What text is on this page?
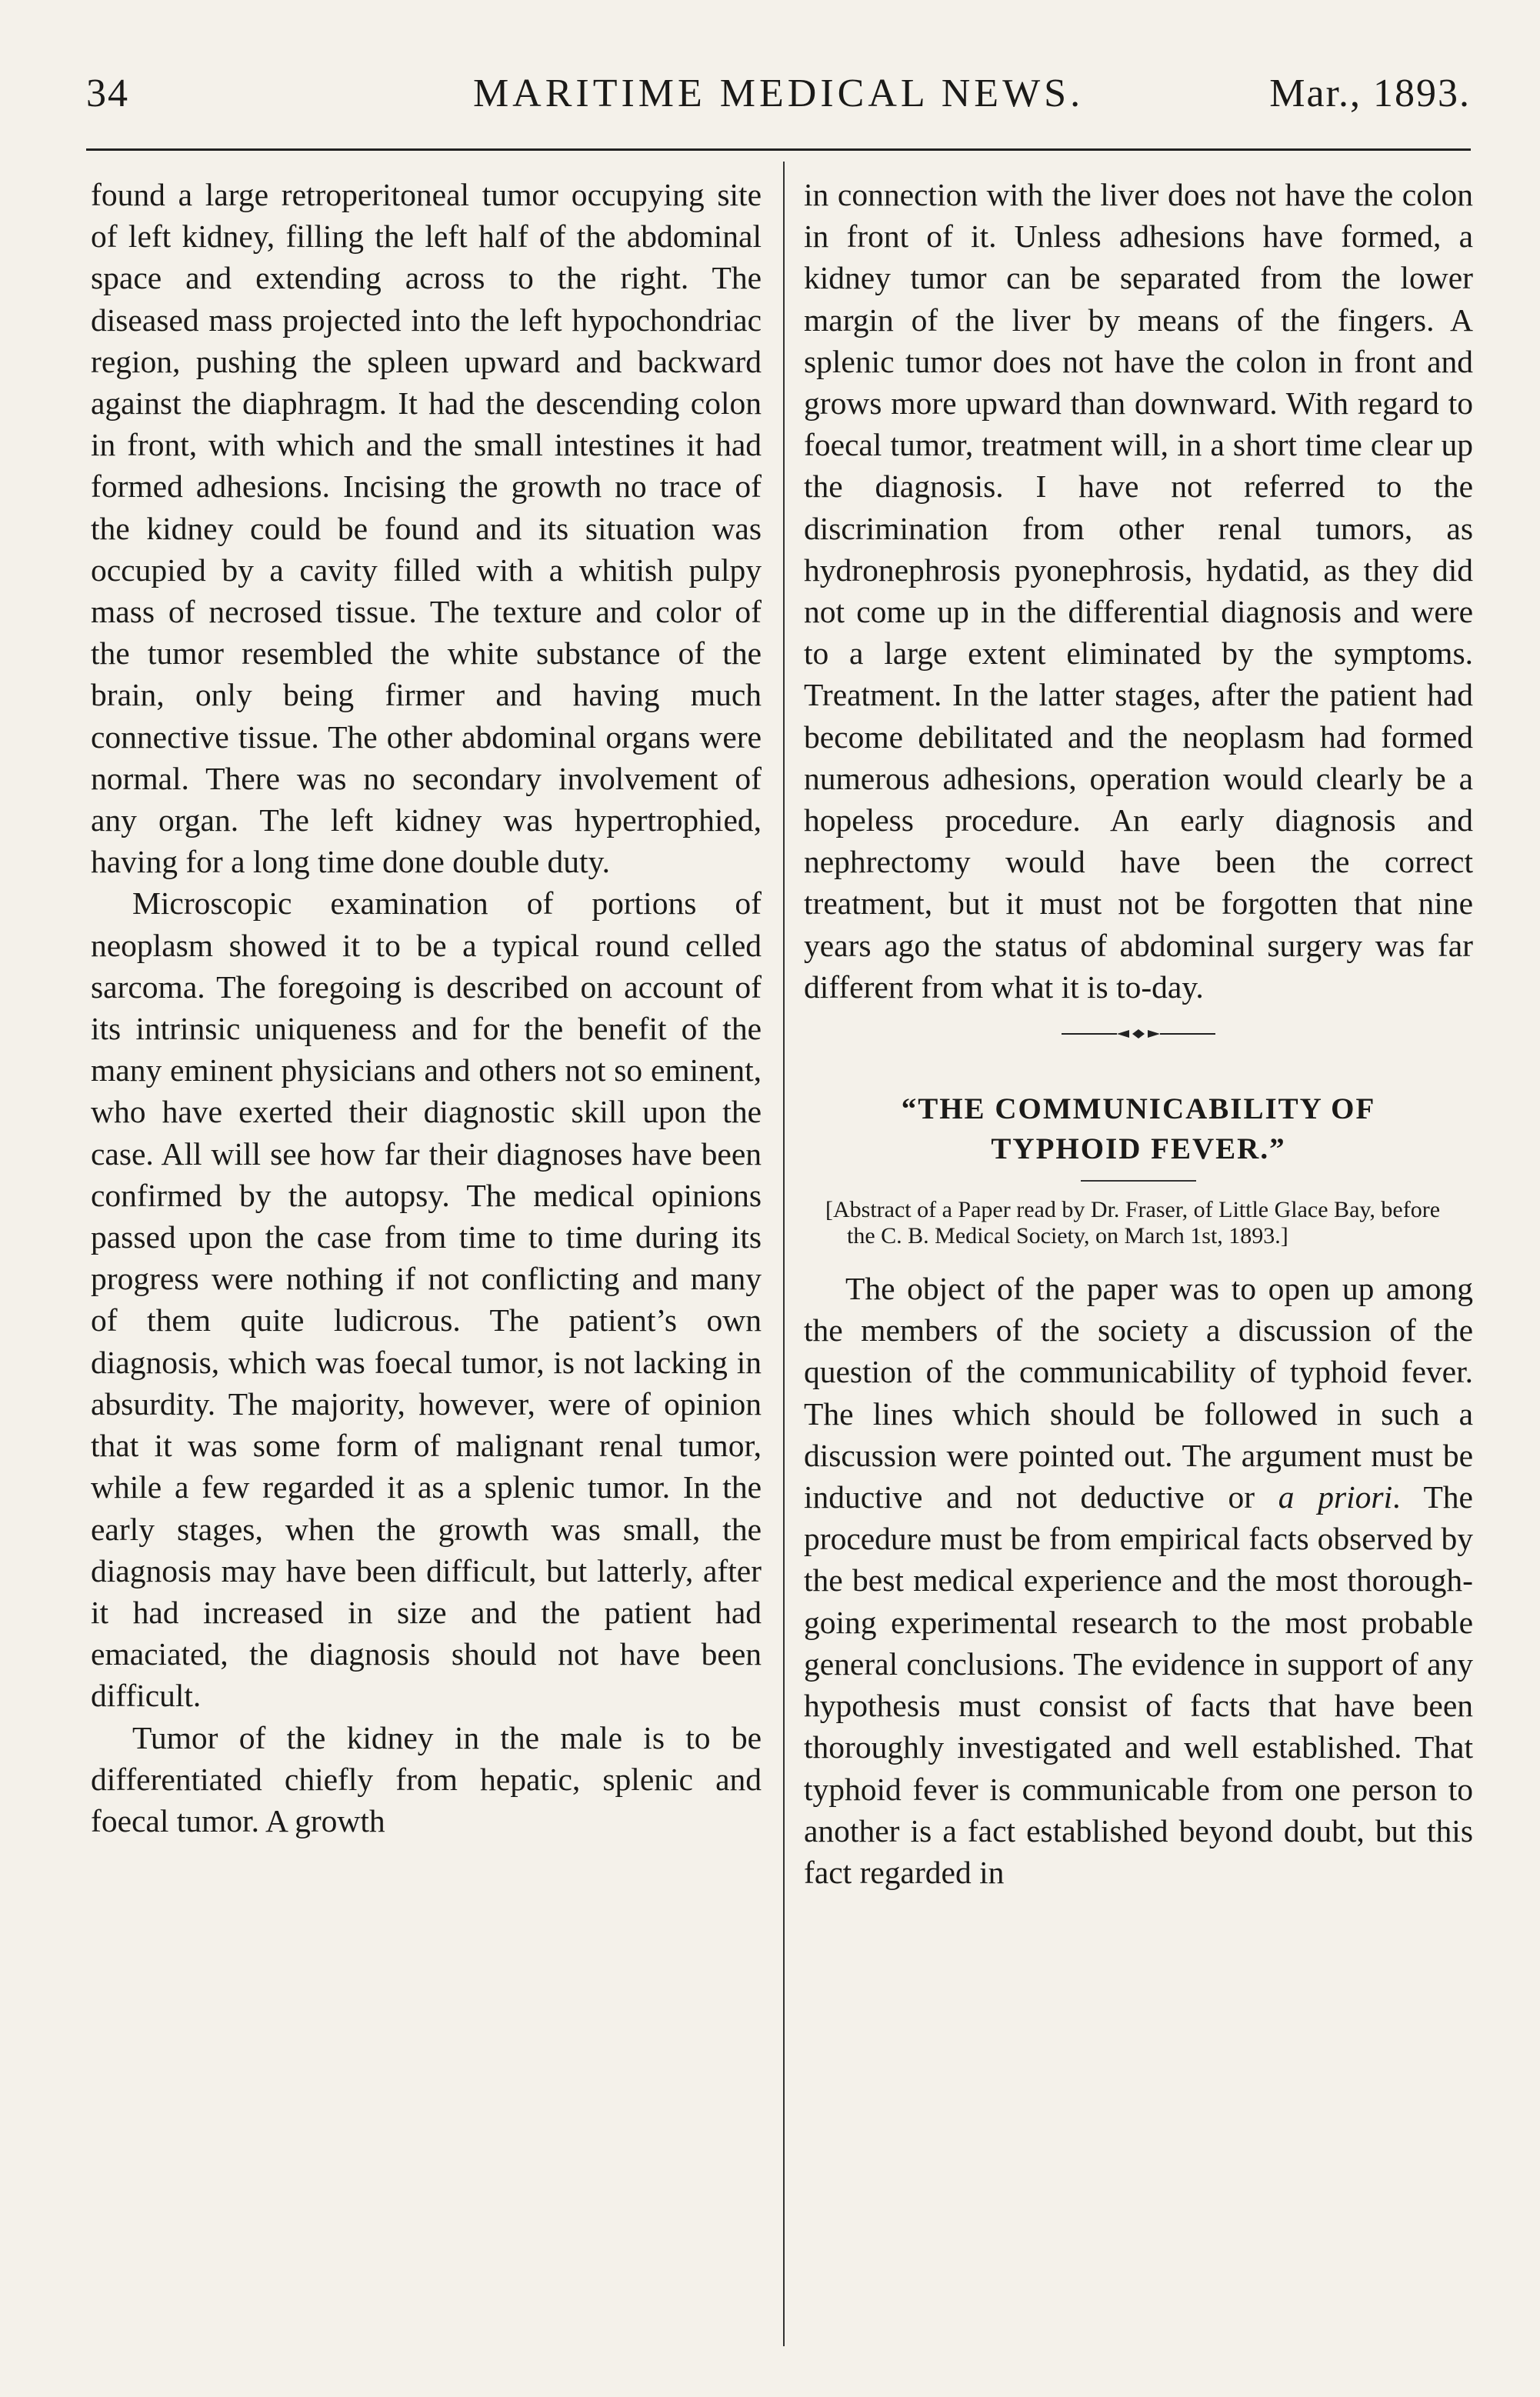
34	MARITIME MEDICAL NEWS.	Mar., 1893.

found a large retroperitoneal tumor occupying site of left kidney, filling the left half of the abdominal space and extending across to the right. The diseased mass projected into the left hypochondriac region, pushing the spleen upward and backward against the diaphragm. It had the descending colon in front, with which and the small intestines it had formed adhesions. Incising the growth no trace of the kidney could be found and its situation was occupied by a cavity filled with a whitish pulpy mass of necrosed tissue. The texture and color of the tumor resembled the white substance of the brain, only being firmer and having much connective tissue. The other abdominal organs were normal. There was no secondary involvement of any organ. The left kidney was hypertrophied, having for a long time done double duty.

Microscopic examination of portions of neoplasm showed it to be a typical round celled sarcoma. The foregoing is described on account of its intrinsic uniqueness and for the benefit of the many eminent physicians and others not so eminent, who have exerted their diagnostic skill upon the case. All will see how far their diagnoses have been confirmed by the autopsy. The medical opinions passed upon the case from time to time during its progress were nothing if not conflicting and many of them quite ludicrous. The patient’s own diagnosis, which was foecal tumor, is not lacking in absurdity. The majority, however, were of opinion that it was some form of malignant renal tumor, while a few regarded it as a splenic tumor. In the early stages, when the growth was small, the diagnosis may have been difficult, but latterly, after it had increased in size and the patient had emaciated, the diagnosis should not have been difficult.

Tumor of the kidney in the male is to be differentiated chiefly from hepatic, splenic and foecal tumor. A growth

in connection with the liver does not have the colon in front of it. Unless adhesions have formed, a kidney tumor can be separated from the lower margin of the liver by means of the fingers. A splenic tumor does not have the colon in front and grows more upward than downward. With regard to foecal tumor, treatment will, in a short time clear up the diagnosis. I have not referred to the discrimination from other renal tumors, as hydronephrosis pyonephrosis, hydatid, as they did not come up in the differential diagnosis and were to a large extent eliminated by the symptoms. Treatment. In the latter stages, after the patient had become debilitated and the neoplasm had formed numerous adhesions, operation would clearly be a hopeless procedure. An early diagnosis and nephrectomy would have been the correct treatment, but it must not be forgotten that nine years ago the status of abdominal surgery was far different from what it is to-day.

“THE COMMUNICABILITY OF
TYPHOID FEVER.”

[Abstract of a Paper read by Dr. Fraser, of Little Glace Bay, before the C. B. Medical Society, on March 1st, 1893.]

The object of the paper was to open up among the members of the society a discussion of the question of the communicability of typhoid fever. The lines which should be followed in such a discussion were pointed out. The argument must be inductive and not deductive or a priori. The procedure must be from empirical facts observed by the best medical experience and the most thorough-going experimental research to the most probable general conclusions. The evidence in support of any hypothesis must consist of facts that have been thoroughly investigated and well established. That typhoid fever is communicable from one person to another is a fact established beyond doubt, but this fact regarded in
